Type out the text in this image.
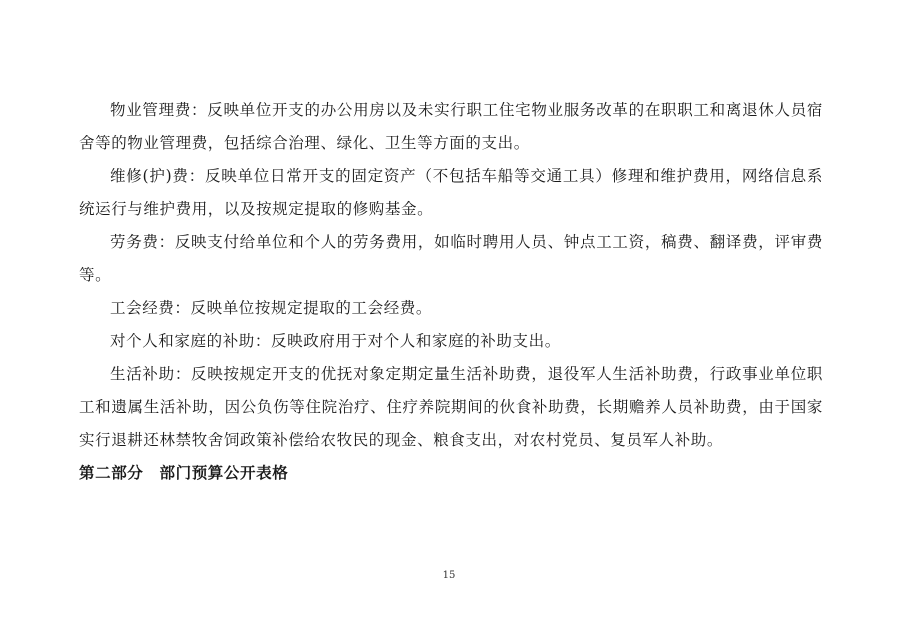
物业管理费：反映单位开支的办公用房以及未实行职工住宅物业服务改革的在职职工和离退休人员宿舍等的物业管理费，包括综合治理、绿化、卫生等方面的支出。

维修(护)费：反映单位日常开支的固定资产（不包括车船等交通工具）修理和维护费用，网络信息系统运行与维护费用，以及按规定提取的修购基金。

劳务费：反映支付给单位和个人的劳务费用，如临时聘用人员、钟点工工资，稿费、翻译费，评审费等。

工会经费：反映单位按规定提取的工会经费。

对个人和家庭的补助：反映政府用于对个人和家庭的补助支出。

生活补助：反映按规定开支的优抚对象定期定量生活补助费，退役军人生活补助费，行政事业单位职工和遗属生活补助，因公负伤等住院治疗、住疗养院期间的伙食补助费，长期赡养人员补助费，由于国家实行退耕还林禁牧舍饲政策补偿给农牧民的现金、粮食支出，对农村党员、复员军人补助。

第二部分　部门预算公开表格

15
